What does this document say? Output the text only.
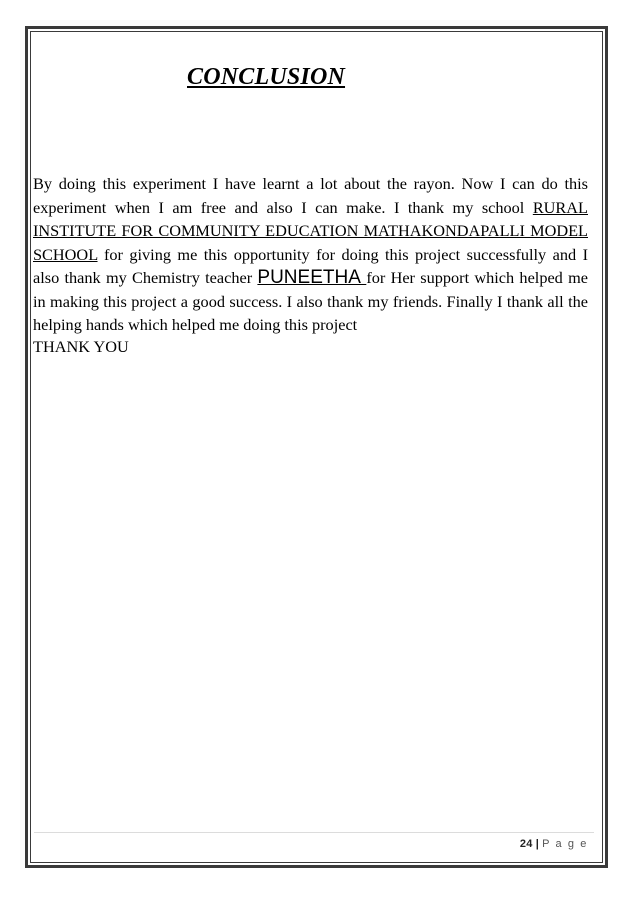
CONCLUSION
By doing this experiment I have learnt a lot about the rayon. Now I can do this experiment when I am free and also I can make. I thank my school RURAL INSTITUTE FOR COMMUNITY EDUCATION MATHAKONDAPALLI MODEL SCHOOL for giving me this opportunity for doing this project successfully and I also thank my Chemistry teacher PUNEETHA for Her support which helped me in making this project a good success. I also thank my friends. Finally I thank all the helping hands which helped me doing this project
THANK YOU
24 | P a g e
